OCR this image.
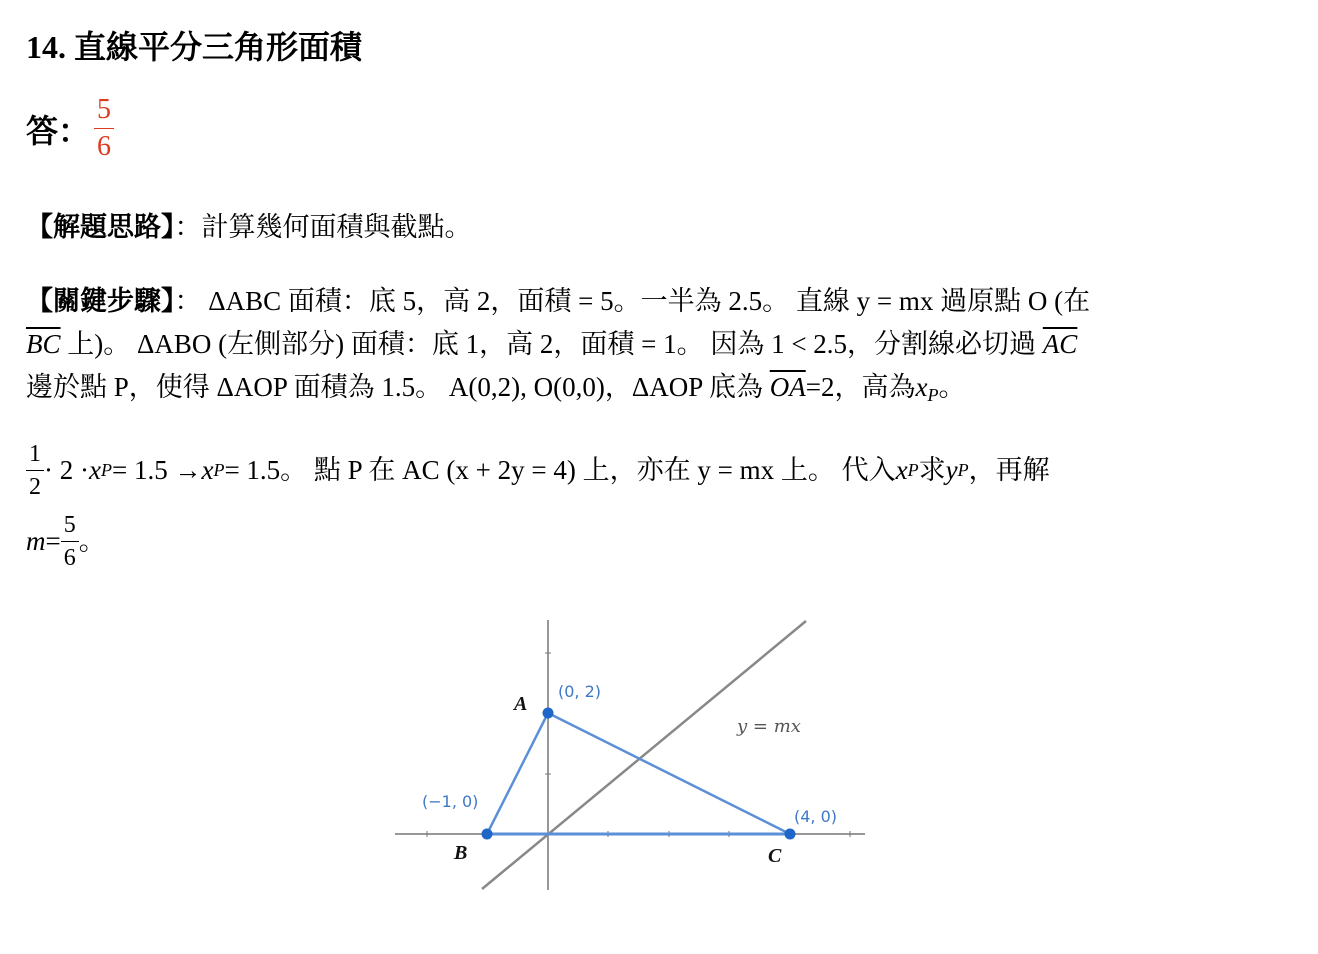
14. 直線平分三角形面積
答： $\frac{5}{6}$
【解題思路】：計算幾何面積與截點。
【關鍵步驟】： ΔABC 面積：底 5，高 2，面積 = 5。一半為 2.5。 直線 y = mx 過原點 O (在
$\overline{BC}$ 上)。 ΔABO (左側部分) 面積：底 1，高 2，面積 = 1。 因為 1 < 2.5，分割線必切過 $\overline{AC}$
邊於點 P，使得 ΔAOP 面積為 1.5。 A(0,2), O(0,0)，ΔAOP 底為 $\overline{OA}=2$，高為$x_P$。
$\frac{1}{2} \cdot 2 \cdot x$ P = 1.5 → x P = 1.5。 點 P 在 AC (x + 2y = 4) 上，亦在 y = mx 上。 代入 x P 求 y P ，再解
$m = \frac{5}{6}$ 。
A
(0, 2)
B
(−1, 0)
C
(4, 0)
y = mx
